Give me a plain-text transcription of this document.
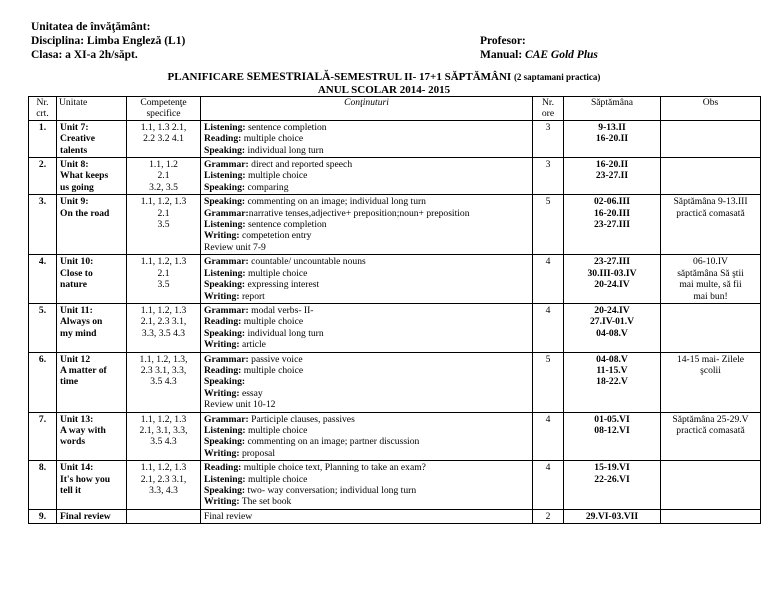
Unitatea de învăţământ:
Disciplina: Limba Engleză (L1)
Clasa: a XI-a 2h/săpt.
Profesor:
Manual: CAE Gold Plus
PLANIFICARE SEMESTRIALĂ-SEMESTRUL II- 17+1 SĂPTĂMÂNI (2 saptamani practica)
ANUL SCOLAR 2014- 2015
Nr. crt.	Unitate	Competenţe specifice	Conţinuturi	Nr. ore	Săptămâna	Obs
1.	Unit 7:
Creative
talents	1.1, 1.3 2.1,
2.2 3.2 4.1	Listening: sentence completion
Reading: multiple choice
Speaking: individual long turn	3	9-13.II
16-20.II	

2.	Unit 8:
What keeps
us going	1.1, 1.2
2.1
3.2, 3.5	Grammar: direct and reported speech
Listening: multiple choice
Speaking: comparing	3	16-20.II
23-27.II	

3.	Unit 9:
On the road	1.1, 1.2, 1.3
2.1
3.5	Speaking: commenting on an image; individual long turn
Grammar:narrative tenses,adjective+ preposition;noun+ preposition
Listening: sentence completion
Writing: competetion entry
Review unit 7-9	5	02-06.III
16-20.III
23-27.III	Săptămâna 9-13.III
practică comasată

4.	Unit 10:
Close to
nature	1.1, 1.2, 1.3
2.1
3.5	Grammar: countable/ uncountable nouns
Listening: multiple choice
Speaking: expressing interest
Writing: report	4	23-27.III
30.III-03.IV
20-24.IV	06-10.IV
săptămâna Să ştii
mai multe, să fii
mai bun!

5.	Unit 11:
Always on
my mind	1.1, 1.2, 1.3
2.1, 2.3 3.1,
3.3, 3.5 4.3	Grammar: modal verbs- II-
Reading: multiple choice
Speaking: individual long turn
Writing: article	4	20-24.IV
27.IV-01.V
04-08.V	

6.	Unit 12
A matter of
time	1.1, 1.2, 1.3,
2.3 3.1, 3.3,
3.5 4.3	Grammar: passive voice
Reading: multiple choice
Speaking:
Writing: essay
Review unit 10-12	5	04-08.V
11-15.V
18-22.V	14-15 mai- Zilele
şcolii

7.	Unit 13:
A way with
words	1.1, 1.2, 1.3
2.1, 3.1, 3.3,
3.5 4.3	Grammar: Participle clauses, passives
Listening: multiple choice
Speaking: commenting on an image; partner discussion
Writing: proposal	4	01-05.VI
08-12.VI	Săptămâna 25-29.V
practică comasată

8.	Unit 14:
It's how you
tell it	1.1, 1.2, 1.3
2.1, 2.3 3.1,
3.3, 4.3	Reading: multiple choice text, Planning to take an exam?
Listening: multiple choice
Speaking: two- way conversation; individual long turn
Writing: The set book	4	15-19.VI
22-26.VI	

9.	Final review		Final review	2	29.VI-03.VII	
